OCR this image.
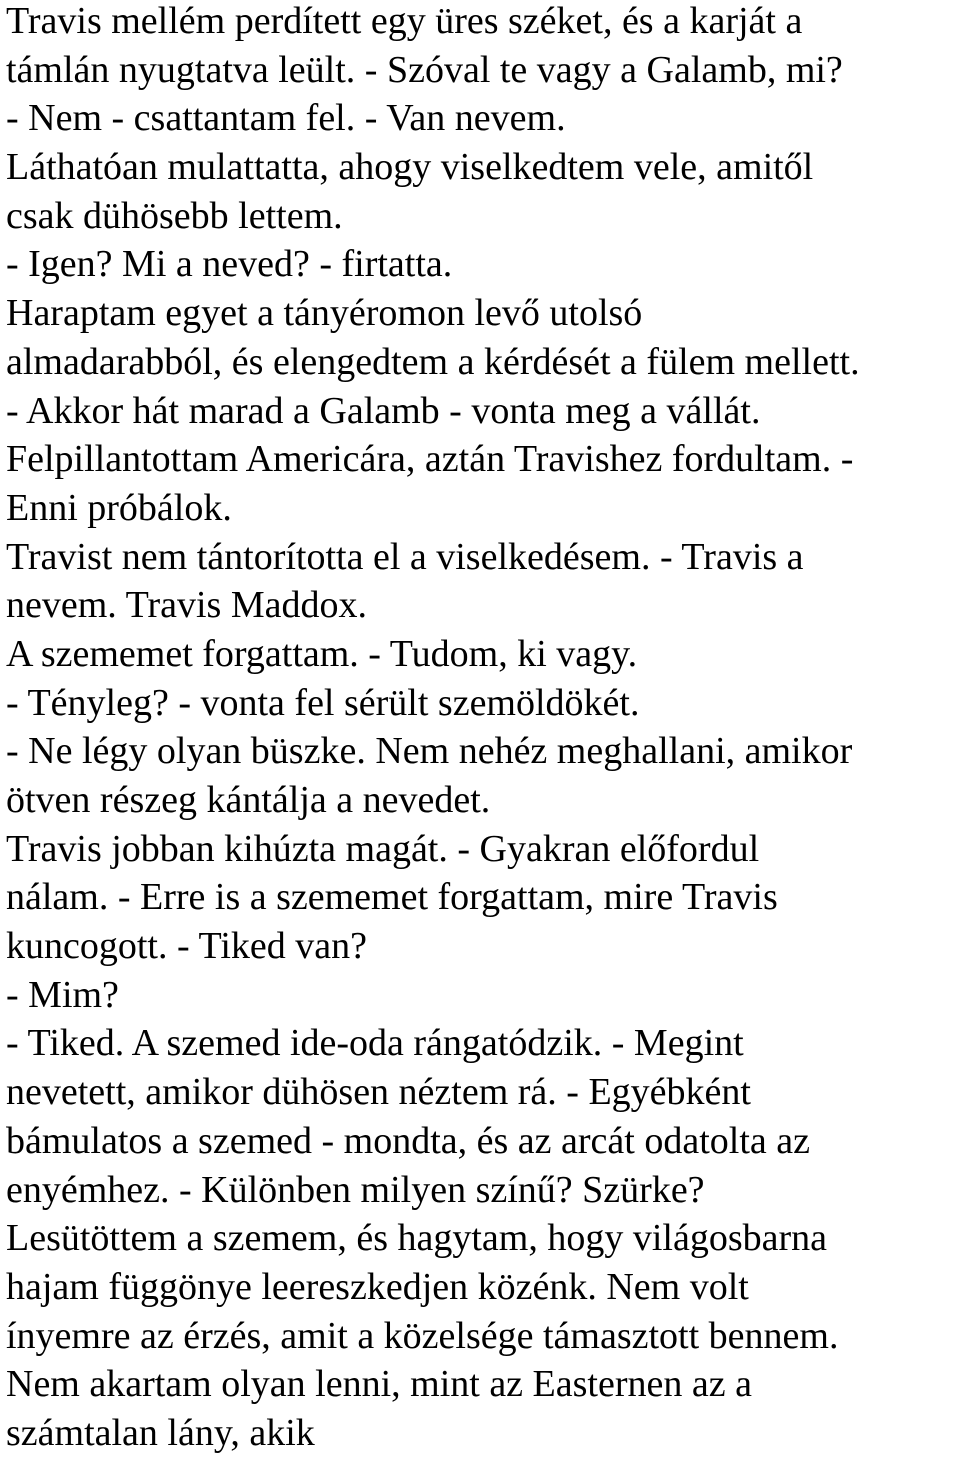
Travis mellém perdített egy üres széket, és a karját a
támlán nyugtatva leült. - Szóval te vagy a Galamb, mi?
- Nem - csattantam fel. - Van nevem.
Láthatóan mulattatta, ahogy viselkedtem vele, amitől
csak dühösebb lettem.
- Igen? Mi a neved? - firtatta.
Haraptam egyet a tányéromon levő utolsó
almadarabból, és elengedtem a kérdését a fülem mellett.
- Akkor hát marad a Galamb - vonta meg a vállát.
Felpillantottam Americára, aztán Travishez fordultam. -
Enni próbálok.
Travist nem tántorította el a viselkedésem. - Travis a
nevem. Travis Maddox.
A szememet forgattam. - Tudom, ki vagy.
- Tényleg? - vonta fel sérült szemöldökét.
- Ne légy olyan büszke. Nem nehéz meghallani, amikor
ötven részeg kántálja a nevedet.
Travis jobban kihúzta magát. - Gyakran előfordul
nálam. - Erre is a szememet forgattam, mire Travis
kuncogott. - Tiked van?
- Mim?
- Tiked. A szemed ide-oda rángatódzik. - Megint
nevetett, amikor dühösen néztem rá. - Egyébként
bámulatos a szemed - mondta, és az arcát odatolta az
enyémhez. - Különben milyen színű? Szürke?
Lesütöttem a szemem, és hagytam, hogy világosbarna
hajam függönye leereszkedjen közénk. Nem volt
ínyemre az érzés, amit a közelsége támasztott bennem.
Nem akartam olyan lenni, mint az Easternen az a
számtalan lány, akik
